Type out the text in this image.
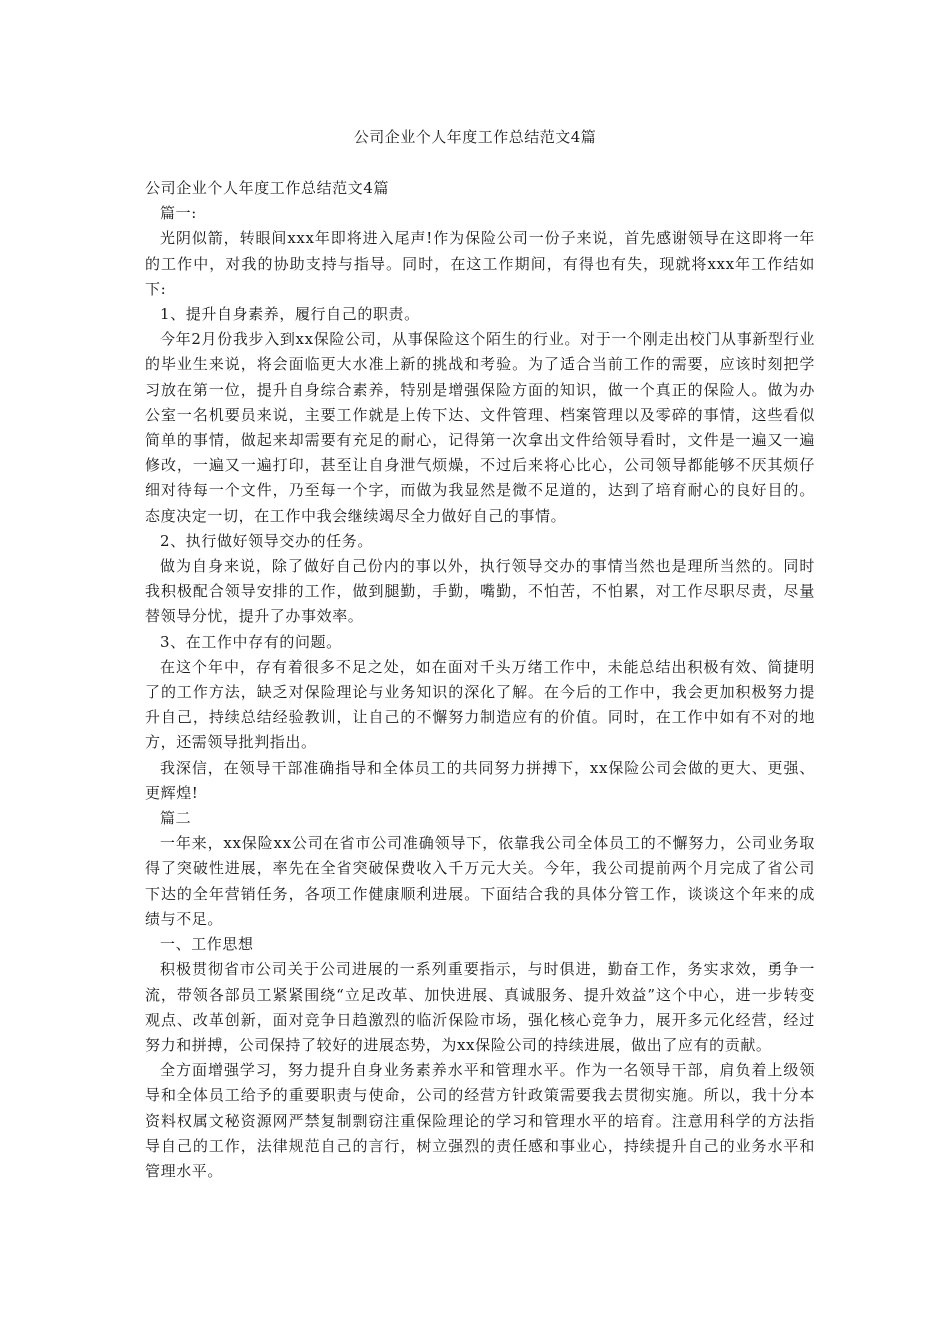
公司企业个人年度工作总结范文4篇

公司企业个人年度工作总结范文4篇

篇一:

光阴似箭，转眼间xxx年即将进入尾声!作为保险公司一份子来说，首先感谢领导在这即将一年的工作中，对我的协助支持与指导。同时，在这工作期间，有得也有失，现就将xxx年工作结如下:

1、提升自身素养，履行自己的职责。

今年2月份我步入到xx保险公司，从事保险这个陌生的行业。对于一个刚走出校门从事新型行业的毕业生来说，将会面临更大水准上新的挑战和考验。为了适合当前工作的需要，应该时刻把学习放在第一位，提升自身综合素养，特别是增强保险方面的知识，做一个真正的保险人。做为办公室一名机要员来说，主要工作就是上传下达、文件管理、档案管理以及零碎的事情，这些看似简单的事情，做起来却需要有充足的耐心，记得第一次拿出文件给领导看时，文件是一遍又一遍修改，一遍又一遍打印，甚至让自身泄气烦燥，不过后来将心比心，公司领导都能够不厌其烦仔细对待每一个文件，乃至每一个字，而做为我显然是微不足道的，达到了培育耐心的良好目的。态度决定一切，在工作中我会继续竭尽全力做好自己的事情。

2、执行做好领导交办的任务。

做为自身来说，除了做好自己份内的事以外，执行领导交办的事情当然也是理所当然的。同时我积极配合领导安排的工作，做到腿勤，手勤，嘴勤，不怕苦，不怕累，对工作尽职尽责，尽量替领导分忧，提升了办事效率。

3、在工作中存有的问题。

在这个年中，存有着很多不足之处，如在面对千头万绪工作中，未能总结出积极有效、简捷明了的工作方法，缺乏对保险理论与业务知识的深化了解。在今后的工作中，我会更加积极努力提升自己，持续总结经验教训，让自己的不懈努力制造应有的价值。同时，在工作中如有不对的地方，还需领导批判指出。

我深信，在领导干部准确指导和全体员工的共同努力拼搏下，xx保险公司会做的更大、更强、更辉煌!

篇二

一年来，xx保险xx公司在省市公司准确领导下，依靠我公司全体员工的不懈努力，公司业务取得了突破性进展，率先在全省突破保费收入千万元大关。今年，我公司提前两个月完成了省公司下达的全年营销任务，各项工作健康顺利进展。下面结合我的具体分管工作，谈谈这个年来的成绩与不足。

一、工作思想

积极贯彻省市公司关于公司进展的一系列重要指示，与时俱进，勤奋工作，务实求效，勇争一流，带领各部员工紧紧围绕“立足改革、加快进展、真诚服务、提升效益”这个中心，进一步转变观点、改革创新，面对竞争日趋激烈的临沂保险市场，强化核心竞争力，展开多元化经营，经过努力和拼搏，公司保持了较好的进展态势，为xx保险公司的持续进展，做出了应有的贡献。

全方面增强学习，努力提升自身业务素养水平和管理水平。作为一名领导干部，肩负着上级领导和全体员工给予的重要职责与使命，公司的经营方针政策需要我去贯彻实施。所以，我十分本资料权属文秘资源网严禁复制剽窃注重保险理论的学习和管理水平的培育。注意用科学的方法指导自己的工作，法律规范自己的言行，树立强烈的责任感和事业心，持续提升自己的业务水平和管理水平。
